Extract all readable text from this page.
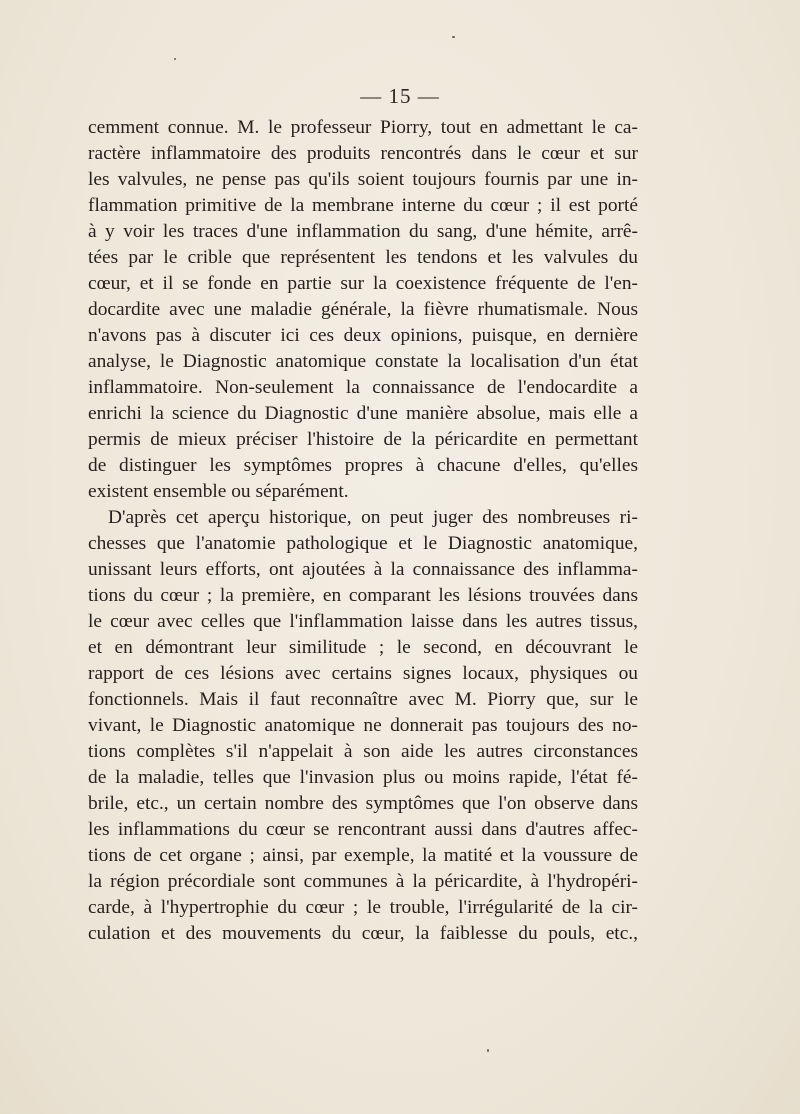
— 15 —
cemment connue. M. le professeur Piorry, tout en admettant le ca-
ractère inflammatoire des produits rencontrés dans le cœur et sur
les valvules, ne pense pas qu'ils soient toujours fournis par une in-
flammation primitive de la membrane interne du cœur ; il est porté
à y voir les traces d'une inflammation du sang, d'une hémite, arrê-
tées par le crible que représentent les tendons et les valvules du
cœur, et il se fonde en partie sur la coexistence fréquente de l'en-
docardite avec une maladie générale, la fièvre rhumatismale. Nous
n'avons pas à discuter ici ces deux opinions, puisque, en dernière
analyse, le Diagnostic anatomique constate la localisation d'un état
inflammatoire. Non-seulement la connaissance de l'endocardite a
enrichi la science du Diagnostic d'une manière absolue, mais elle a
permis de mieux préciser l'histoire de la péricardite en permettant
de distinguer les symptômes propres à chacune d'elles, qu'elles
existent ensemble ou séparément.
D'après cet aperçu historique, on peut juger des nombreuses ri-
chesses que l'anatomie pathologique et le Diagnostic anatomique,
unissant leurs efforts, ont ajoutées à la connaissance des inflamma-
tions du cœur ; la première, en comparant les lésions trouvées dans
le cœur avec celles que l'inflammation laisse dans les autres tissus,
et en démontrant leur similitude ; le second, en découvrant le
rapport de ces lésions avec certains signes locaux, physiques ou
fonctionnels. Mais il faut reconnaître avec M. Piorry que, sur le
vivant, le Diagnostic anatomique ne donnerait pas toujours des no-
tions complètes s'il n'appelait à son aide les autres circonstances
de la maladie, telles que l'invasion plus ou moins rapide, l'état fé-
brile, etc., un certain nombre des symptômes que l'on observe dans
les inflammations du cœur se rencontrant aussi dans d'autres affec-
tions de cet organe ; ainsi, par exemple, la matité et la voussure de
la région précordiale sont communes à la péricardite, à l'hydropéri-
carde, à l'hypertrophie du cœur ; le trouble, l'irrégularité de la cir-
culation et des mouvements du cœur, la faiblesse du pouls, etc.,
